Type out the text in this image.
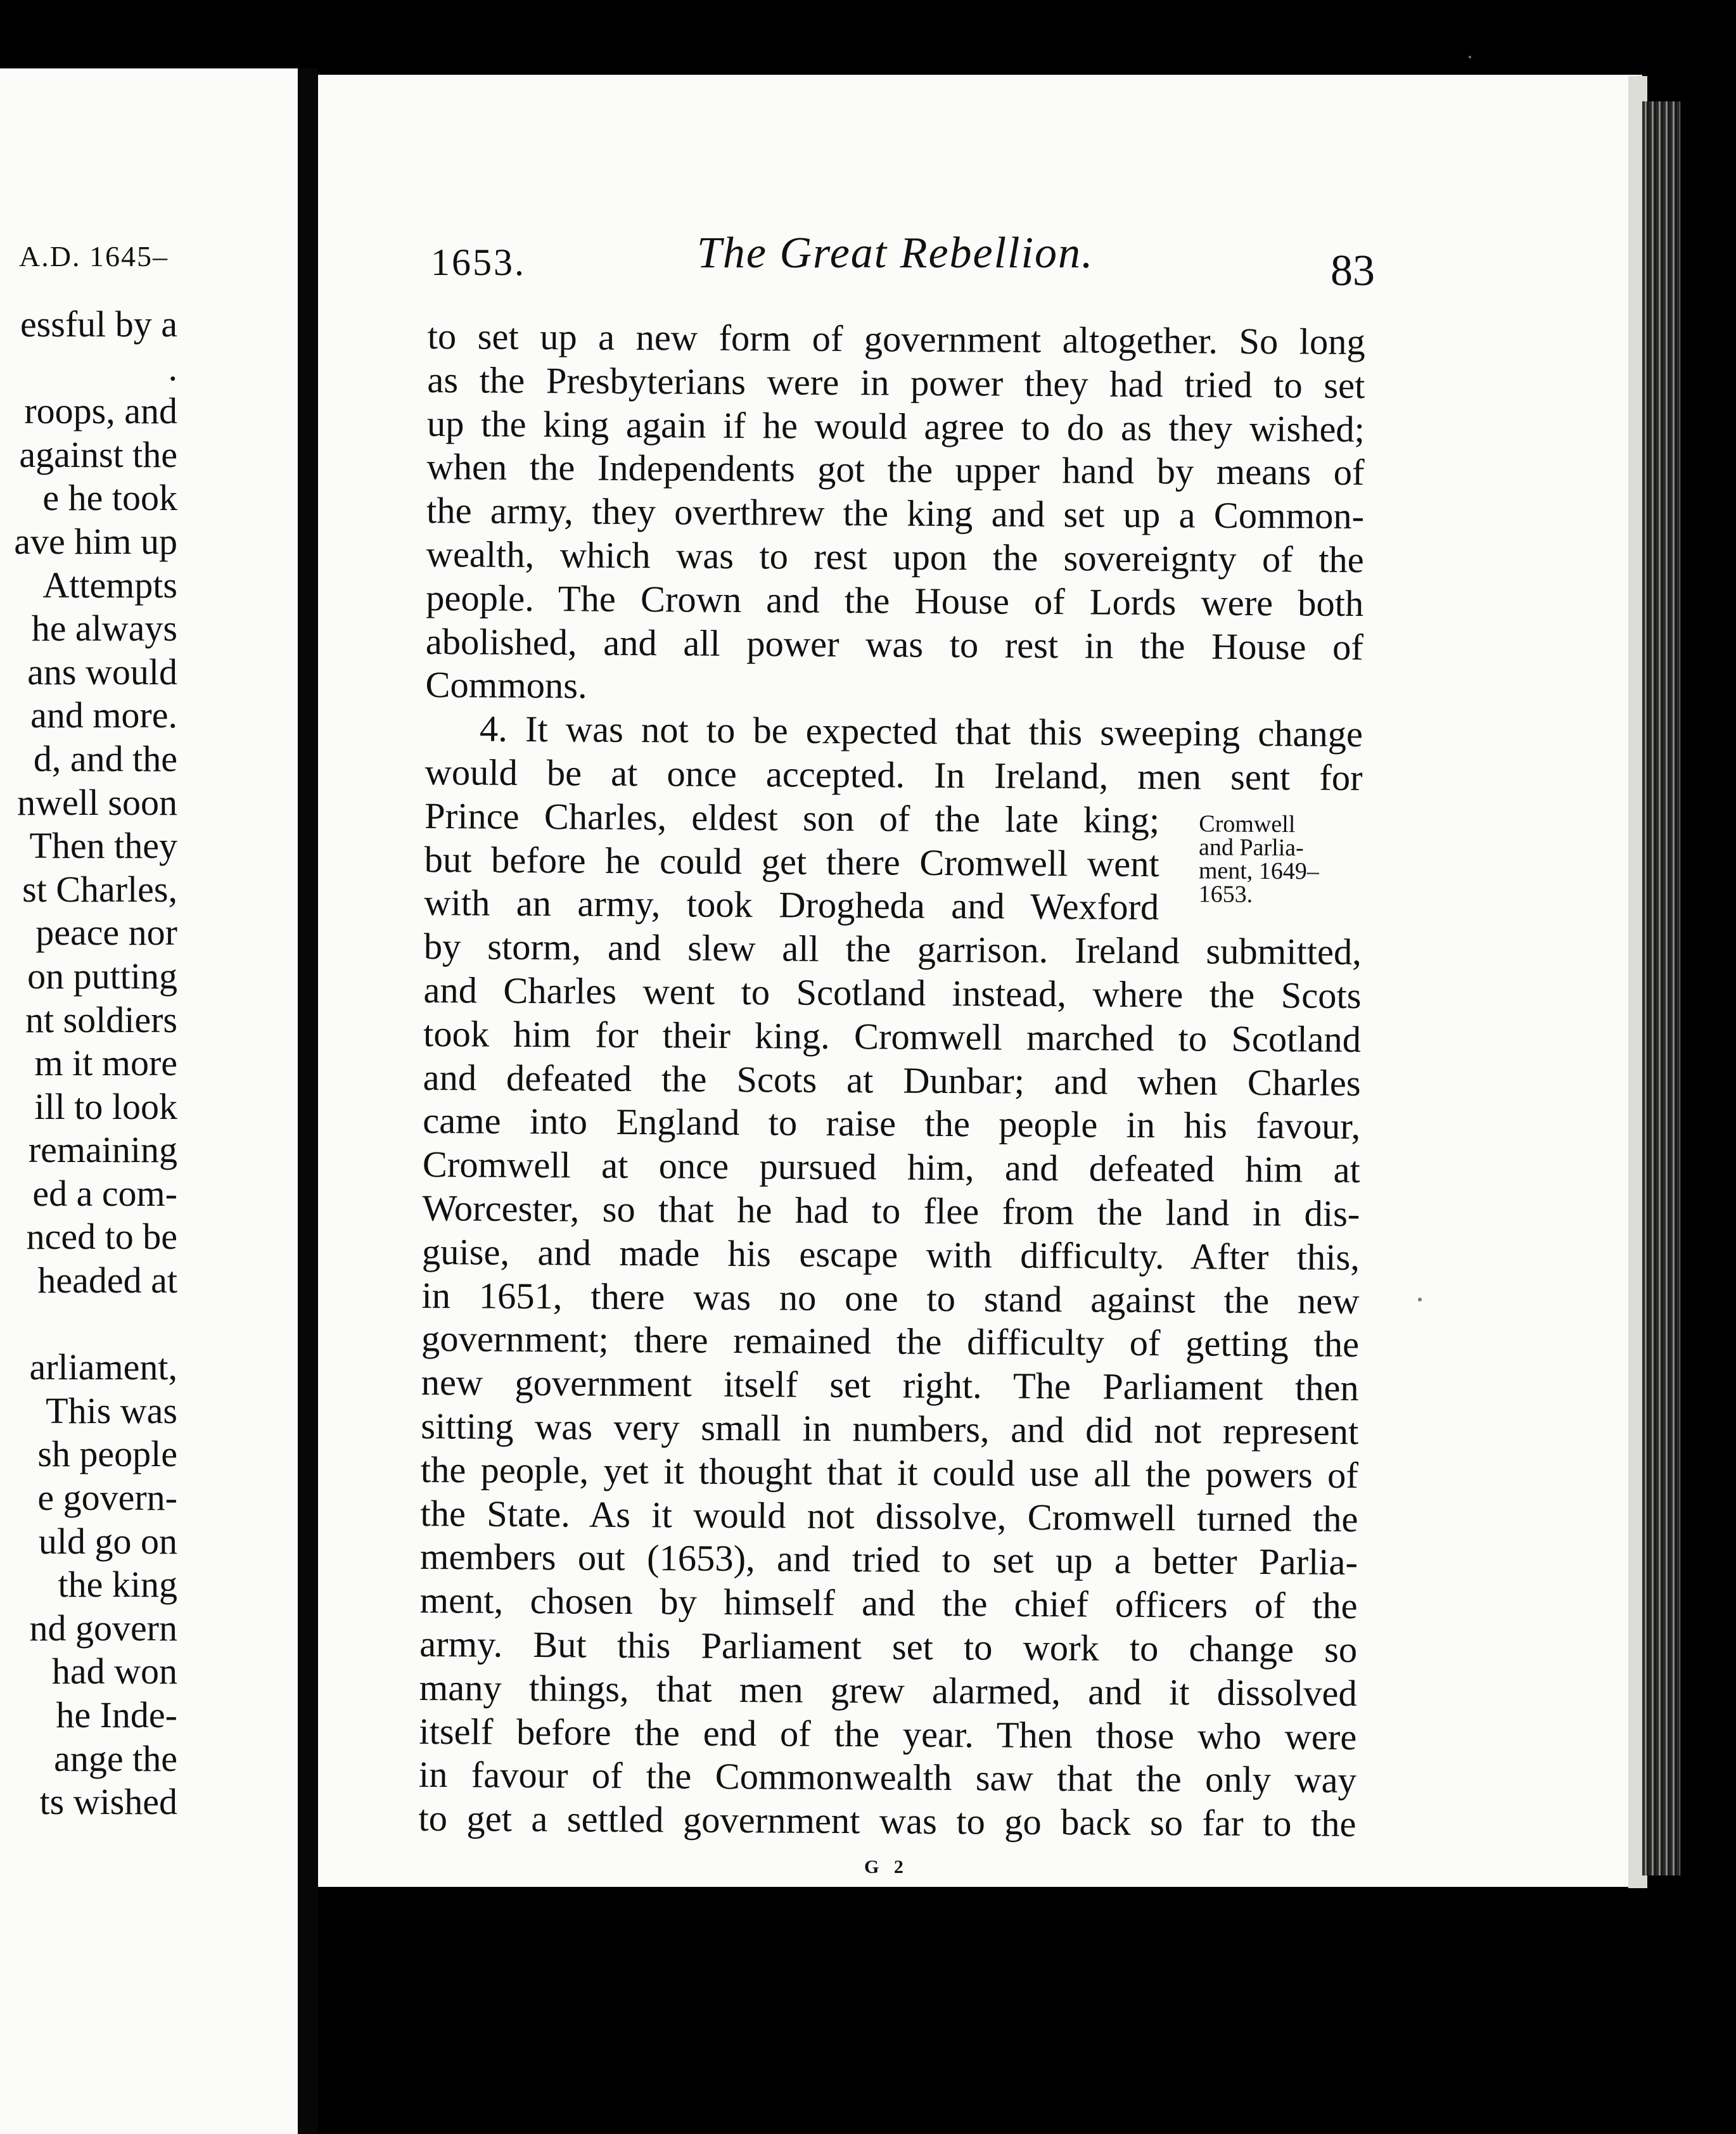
A.D. 1645–
essful by a
.
roops, and
against the
e he took
ave him up
Attempts
he always
ans would
and more.
d, and the
nwell soon
Then they
st Charles,
peace nor
on putting
nt soldiers
m it more
ill to look
remaining
ed a com-
nced to be
headed at
arliament,
This was
sh people
e govern-
uld go on
the king
nd govern
had won
he Inde-
ange the
ts wished
1653.	The Great Rebellion.	83
to set up a new form of government altogether. So long
as the Presbyterians were in power they had tried to set
up the king again if he would agree to do as they wished;
when the Independents got the upper hand by means of
the army, they overthrew the king and set up a Common-
wealth, which was to rest upon the sovereignty of the
people. The Crown and the House of Lords were both
abolished, and all power was to rest in the House of
Commons.
4. It was not to be expected that this sweeping change
would be at once accepted. In Ireland, men sent for
Prince Charles, eldest son of the late king;
but before he could get there Cromwell went
with an army, took Drogheda and Wexford
by storm, and slew all the garrison. Ireland submitted,
and Charles went to Scotland instead, where the Scots
took him for their king. Cromwell marched to Scotland
and defeated the Scots at Dunbar; and when Charles
came into England to raise the people in his favour,
Cromwell at once pursued him, and defeated him at
Worcester, so that he had to flee from the land in dis-
guise, and made his escape with difficulty. After this,
in 1651, there was no one to stand against the new
government; there remained the difficulty of getting the
new government itself set right. The Parliament then
sitting was very small in numbers, and did not represent
the people, yet it thought that it could use all the powers of
the State. As it would not dissolve, Cromwell turned the
members out (1653), and tried to set up a better Parlia-
ment, chosen by himself and the chief officers of the
army. But this Parliament set to work to change so
many things, that men grew alarmed, and it dissolved
itself before the end of the year. Then those who were
in favour of the Commonwealth saw that the only way
to get a settled government was to go back so far to the
Cromwell
and Parlia-
ment, 1649–
1653.
G 2
